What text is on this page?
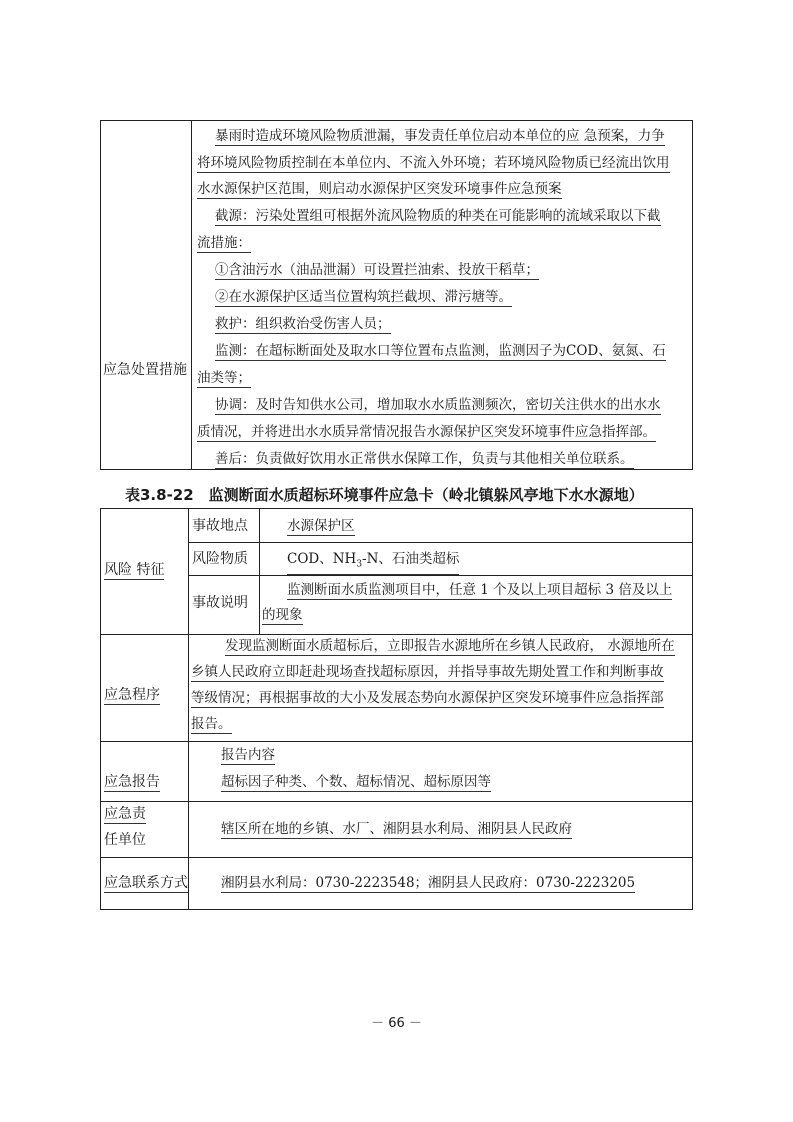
应急处置措施
暴雨时造成环境风险物质泄漏，事发责任单位启动本单位的应 急预案，力争
将环境风险物质控制在本单位内、不流入外环境；若环境风险物质已经流出饮用
水水源保护区范围，则启动水源保护区突发环境事件应急预案
截源：污染处置组可根据外流风险物质的种类在可能影响的流域采取以下截
流措施：
①含油污水（油品泄漏）可设置拦油索、投放干稻草；
②在水源保护区适当位置构筑拦截坝、滞污塘等。
救护：组织救治受伤害人员；
监测：在超标断面处及取水口等位置布点监测，监测因子为COD、氨氮、石
油类等；
协调：及时告知供水公司，增加取水水质监测频次，密切关注供水的出水水
质情况，并将进出水水质异常情况报告水源保护区突发环境事件应急指挥部。
善后：负责做好饮用水正常供水保障工作，负责与其他相关单位联系。
表3.8-22　监测断面水质超标环境事件应急卡（岭北镇躲风亭地下水水源地）
风险 特征
事故地点	水源保护区
风险物质	COD、$NH_3-N$、石油类超标
事故说明
监测断面水质监测项目中，任意 1 个及以上项目超标 3 倍及以上
的现象
应急程序
发现监测断面水质超标后，立即报告水源地所在乡镇人民政府， 水源地所在
乡镇人民政府立即赶赴现场查找超标原因，并指导事故先期处置工作和判断事故
等级情况；再根据事故的大小及发展态势向水源保护区突发环境事件应急指挥部
报告。
应急报告
报告内容
超标因子种类、个数、超标情况、超标原因等
应急责
任单位
辖区所在地的乡镇、水厂、湘阴县水利局、湘阴县人民政府
应急联系方式 湘阴县水利局：0730-2223548；湘阴县人民政府：0730-2223205
－ 66 －
